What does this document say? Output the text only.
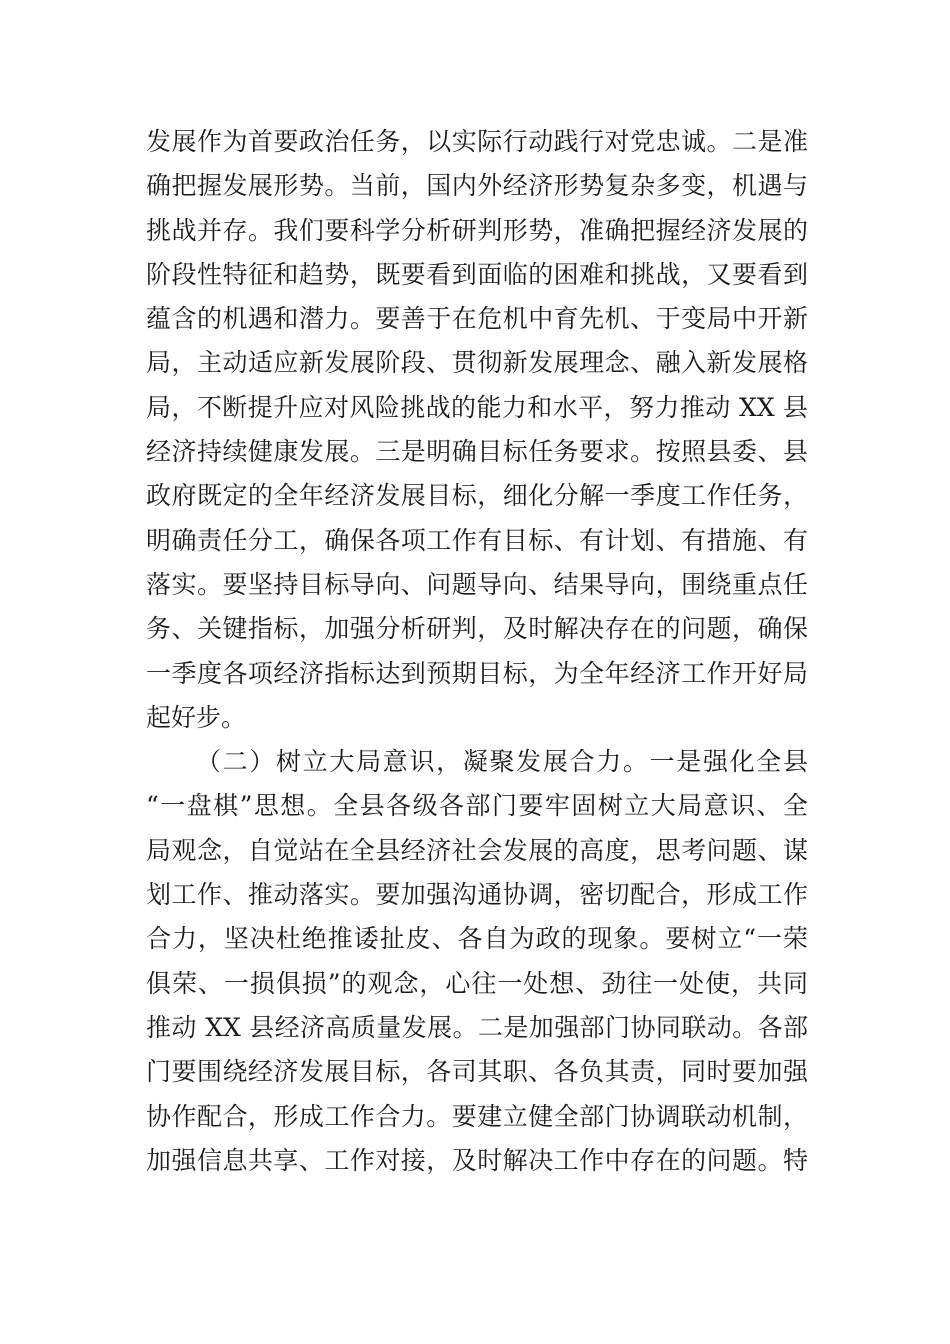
发展作为首要政治任务，以实际行动践行对党忠诚。二是准
确把握发展形势。当前，国内外经济形势复杂多变，机遇与
挑战并存。我们要科学分析研判形势，准确把握经济发展的
阶段性特征和趋势，既要看到面临的困难和挑战，又要看到
蕴含的机遇和潜力。要善于在危机中育先机、于变局中开新
局，主动适应新发展阶段、贯彻新发展理念、融入新发展格
局，不断提升应对风险挑战的能力和水平，努力推动 XX 县
经济持续健康发展。三是明确目标任务要求。按照县委、县
政府既定的全年经济发展目标，细化分解一季度工作任务，
明确责任分工，确保各项工作有目标、有计划、有措施、有
落实。要坚持目标导向、问题导向、结果导向，围绕重点任
务、关键指标，加强分析研判，及时解决存在的问题，确保
一季度各项经济指标达到预期目标，为全年经济工作开好局
起好步。
（二）树立大局意识，凝聚发展合力。一是强化全县
“一盘棋”思想。全县各级各部门要牢固树立大局意识、全
局观念，自觉站在全县经济社会发展的高度，思考问题、谋
划工作、推动落实。要加强沟通协调，密切配合，形成工作
合力，坚决杜绝推诿扯皮、各自为政的现象。要树立“一荣
俱荣、一损俱损”的观念，心往一处想、劲往一处使，共同
推动 XX 县经济高质量发展。二是加强部门协同联动。各部
门要围绕经济发展目标，各司其职、各负其责，同时要加强
协作配合，形成工作合力。要建立健全部门协调联动机制，
加强信息共享、工作对接，及时解决工作中存在的问题。特
